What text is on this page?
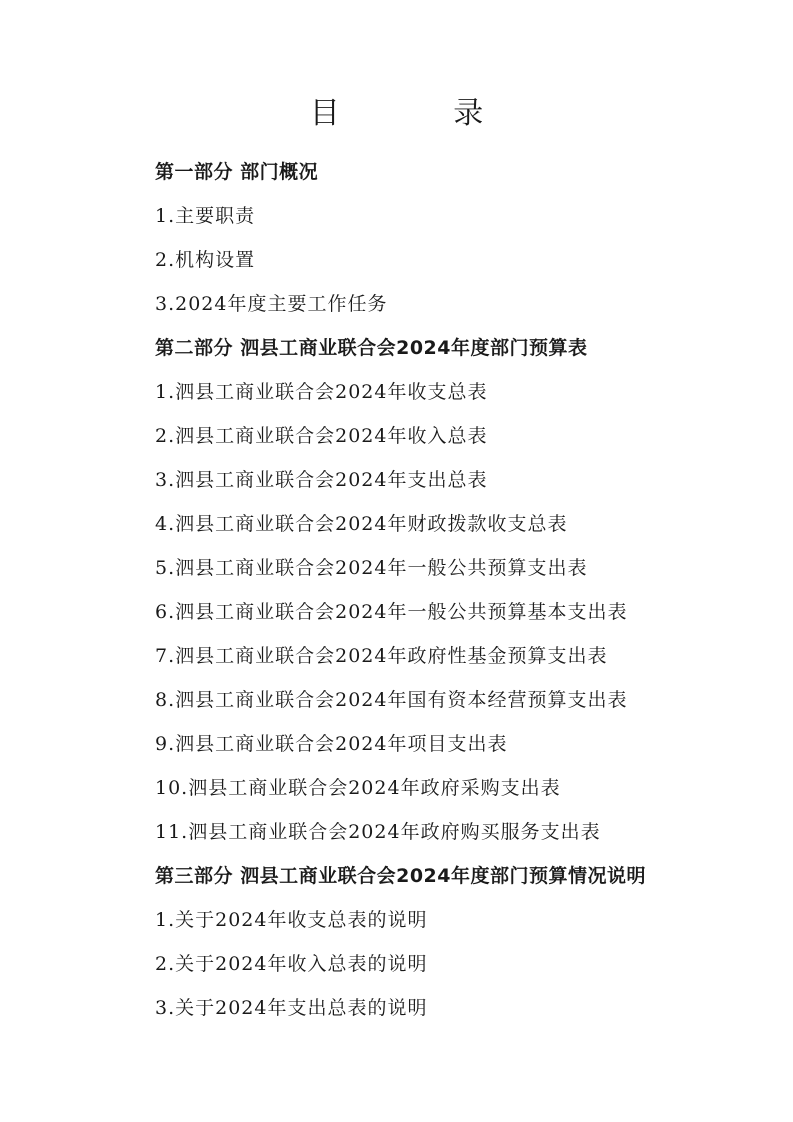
目 录
第一部分 部门概况
1.主要职责
2.机构设置
3.2024年度主要工作任务
第二部分 泗县工商业联合会2024年度部门预算表
1.泗县工商业联合会2024年收支总表
2.泗县工商业联合会2024年收入总表
3.泗县工商业联合会2024年支出总表
4.泗县工商业联合会2024年财政拨款收支总表
5.泗县工商业联合会2024年一般公共预算支出表
6.泗县工商业联合会2024年一般公共预算基本支出表
7.泗县工商业联合会2024年政府性基金预算支出表
8.泗县工商业联合会2024年国有资本经营预算支出表
9.泗县工商业联合会2024年项目支出表
10.泗县工商业联合会2024年政府采购支出表
11.泗县工商业联合会2024年政府购买服务支出表
第三部分 泗县工商业联合会2024年度部门预算情况说明
1.关于2024年收支总表的说明
2.关于2024年收入总表的说明
3.关于2024年支出总表的说明
